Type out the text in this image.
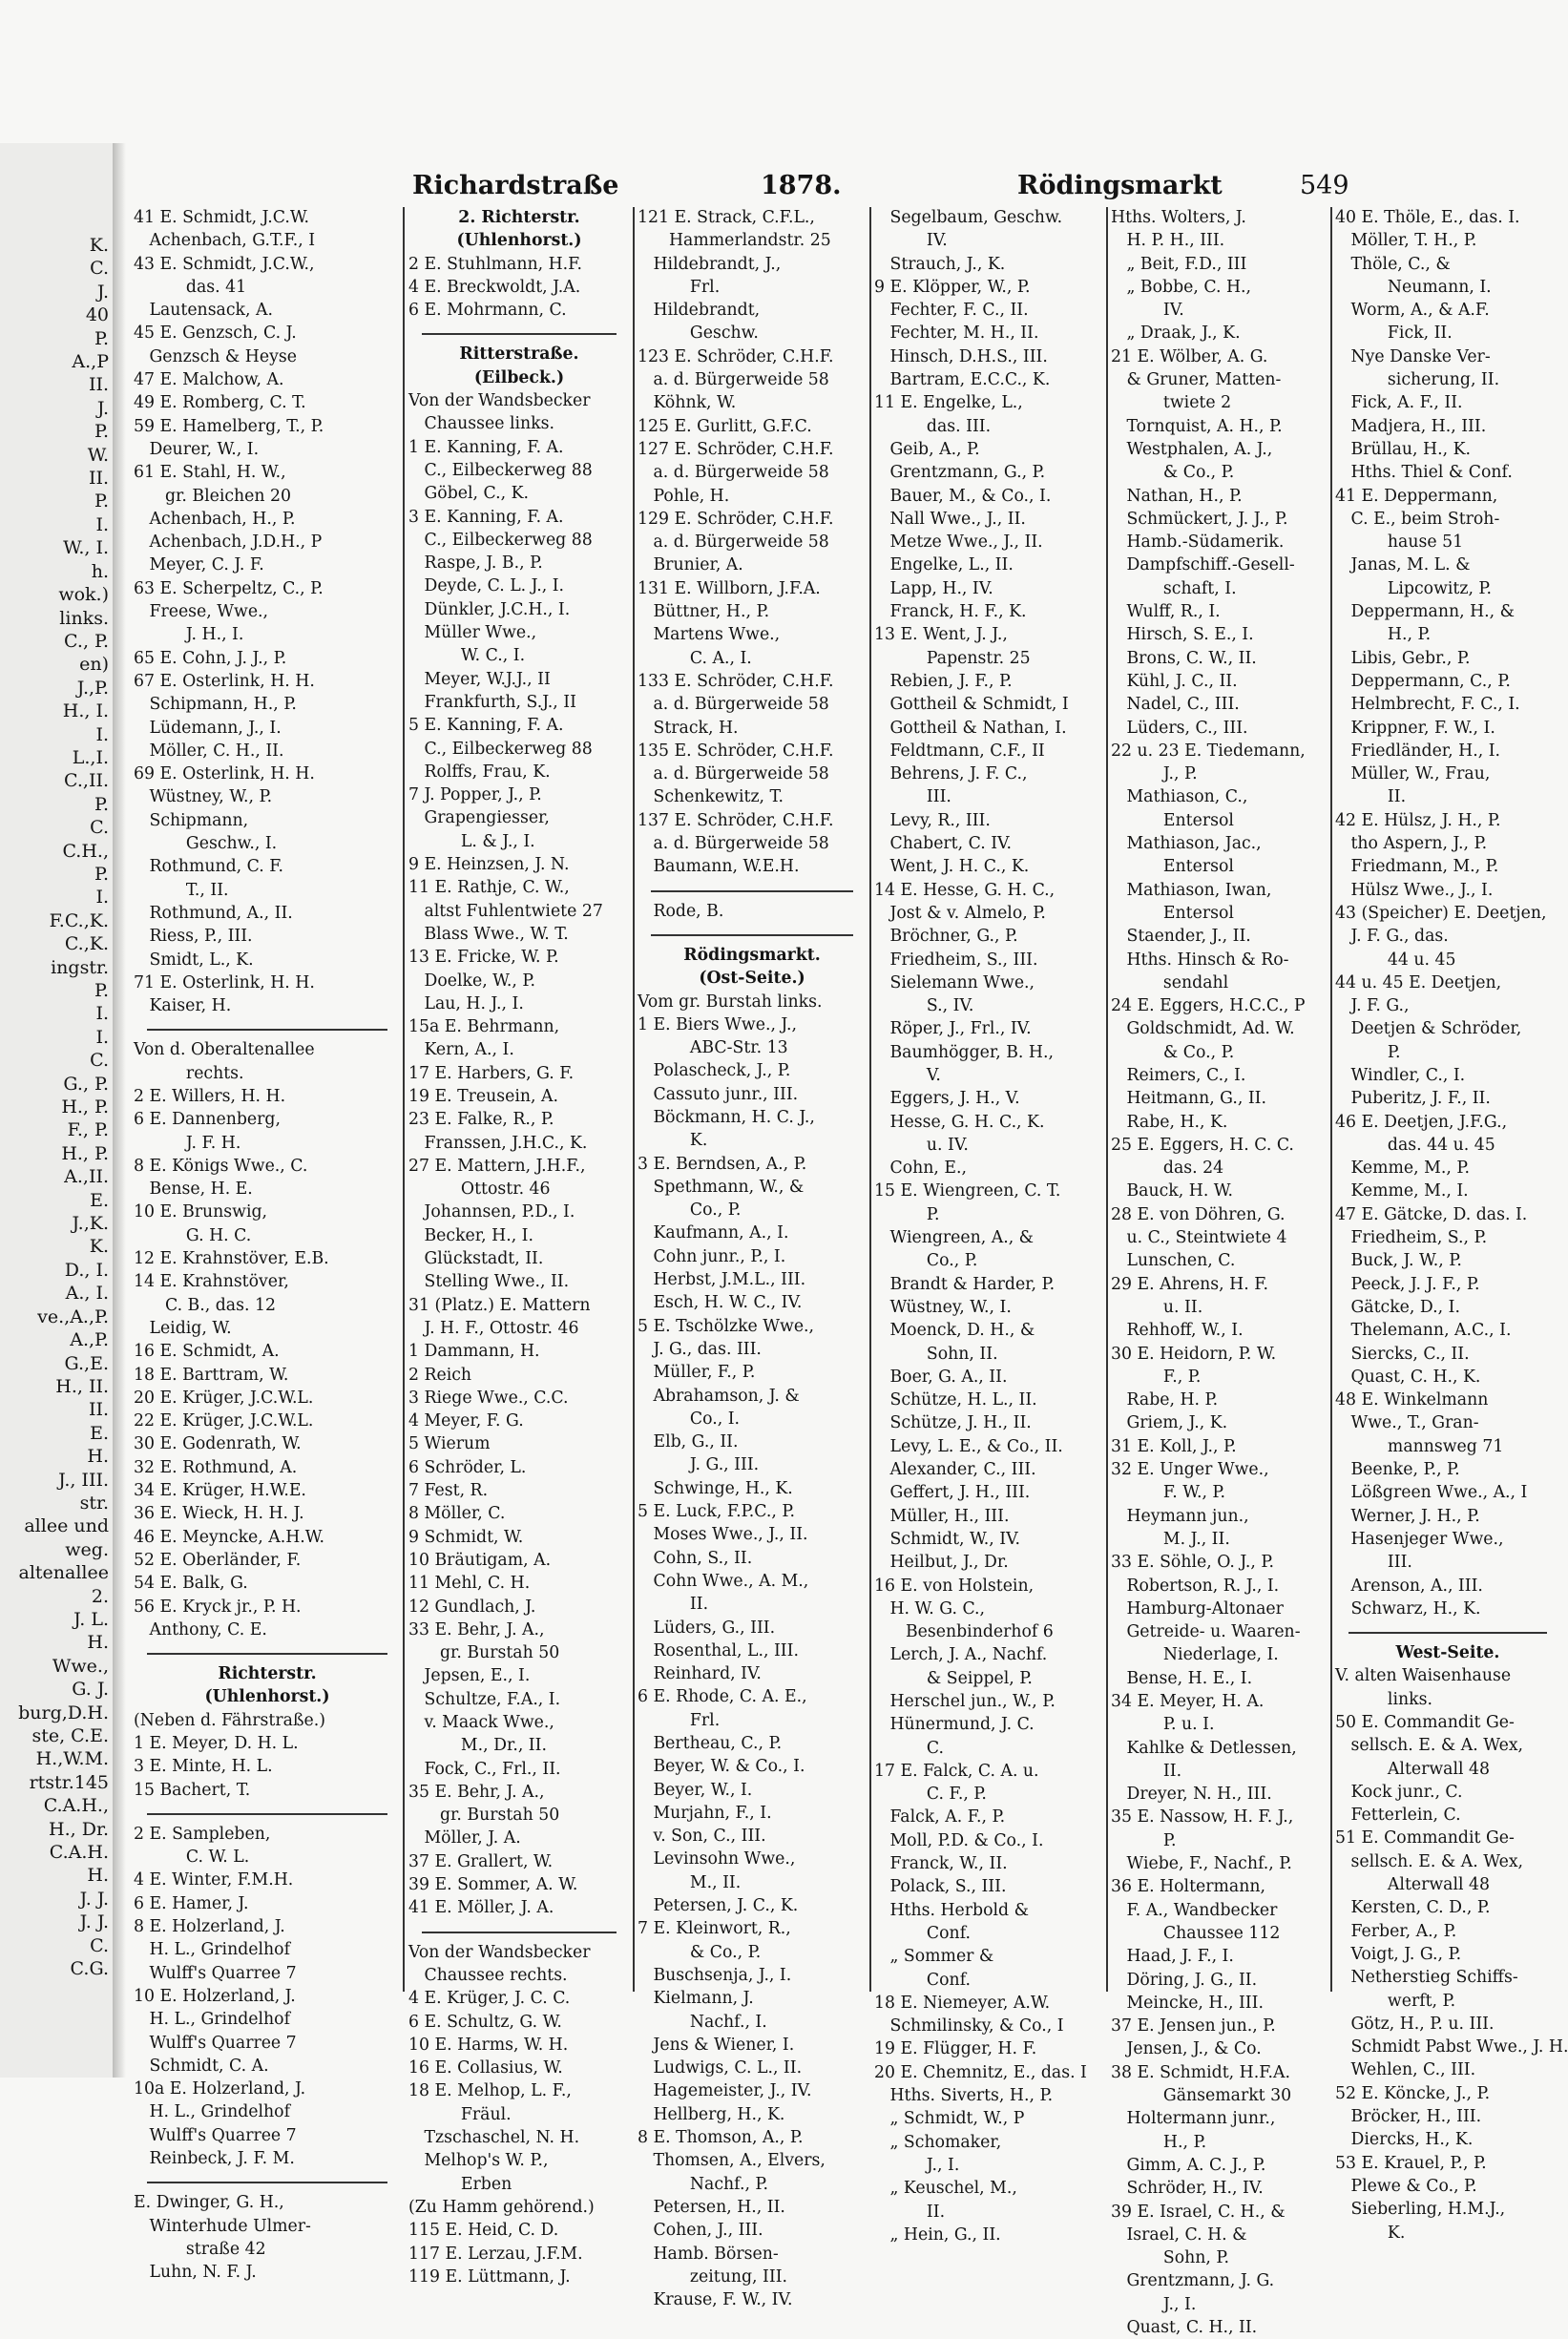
K.
C.
J.
40
P.
A.,P
II.
J.
P.
W.
II.
P.
I.
W., I.
h.
wok.)
links.
C., P.
en)
J.,P.
H., I.
I.
L.,I.
C.,II.
P.
C.
C.H.,
P.
I.
F.C.,K.
C.,K.
ingstr.
P.
I.
I.
C.
G., P.
H., P.
F., P.
H., P.
A.,II.
E.
J.,K.
K.
D., I.
A., I.
ve.,A.,P.
A.,P.
G.,E.
H., II.
II.
E.
H.
J., III.
str.
allee und
weg.
altenallee
2.
J. L.
H.
Wwe.,
G. J.
burg,D.H.
ste, C.E.
H.,W.M.
rtstr.145
C.A.H.,
H., Dr.
C.A.H.
H.
J. J.
J. J.
C.
C.G.
Richardstraße	1878.	Rödingsmarkt	549
41 E. Schmidt, J.C.W.
Achenbach, G.T.F., I
43 E. Schmidt, J.C.W.,
das. 41
Lautensack, A.
45 E. Genzsch, C. J.
Genzsch & Heyse
47 E. Malchow, A.
49 E. Romberg, C. T.
59 E. Hamelberg, T., P.
Deurer, W., I.
61 E. Stahl, H. W.,
gr. Bleichen 20
Achenbach, H., P.
Achenbach, J.D.H., P
Meyer, C. J. F.
63 E. Scherpeltz, C., P.
Freese, Wwe.,
J. H., I.
65 E. Cohn, J. J., P.
67 E. Osterlink, H. H.
Schipmann, H., P.
Lüdemann, J., I.
Möller, C. H., II.
69 E. Osterlink, H. H.
Wüstney, W., P.
Schipmann,
Geschw., I.
Rothmund, C. F.
T., II.
Rothmund, A., II.
Riess, P., III.
Smidt, L., K.
71 E. Osterlink, H. H.
Kaiser, H.
Von d. Oberaltenallee
rechts.
2 E. Willers, H. H.
6 E. Dannenberg,
J. F. H.
8 E. Königs Wwe., C.
Bense, H. E.
10 E. Brunswig,
G. H. C.
12 E. Krahnstöver, E.B.
14 E. Krahnstöver,
C. B., das. 12
Leidig, W.
16 E. Schmidt, A.
18 E. Barttram, W.
20 E. Krüger, J.C.W.L.
22 E. Krüger, J.C.W.L.
30 E. Godenrath, W.
32 E. Rothmund, A.
34 E. Krüger, H.W.E.
36 E. Wieck, H. H. J.
46 E. Meyncke, A.H.W.
52 E. Oberländer, F.
54 E. Balk, G.
56 E. Kryck jr., P. H.
Anthony, C. E.
Richterstr.
(Uhlenhorst.)
(Neben d. Fährstraße.)
1 E. Meyer, D. H. L.
3 E. Minte, H. L.
15 Bachert, T.
2 E. Sampleben,
C. W. L.
4 E. Winter, F.M.H.
6 E. Hamer, J.
8 E. Holzerland, J.
H. L., Grindelhof
Wulff's Quarree 7
10 E. Holzerland, J.
H. L., Grindelhof
Wulff's Quarree 7
Schmidt, C. A.
10a E. Holzerland, J.
H. L., Grindelhof
Wulff's Quarree 7
Reinbeck, J. F. M.
E. Dwinger, G. H.,
Winterhude Ulmer-
straße 42
Luhn, N. F. J.
2. Richterstr.
(Uhlenhorst.)
2 E. Stuhlmann, H.F.
4 E. Breckwoldt, J.A.
6 E. Mohrmann, C.
Ritterstraße.
(Eilbeck.)
Von der Wandsbecker
Chaussee links.
1 E. Kanning, F. A.
C., Eilbeckerweg 88
Göbel, C., K.
3 E. Kanning, F. A.
C., Eilbeckerweg 88
Raspe, J. B., P.
Deyde, C. L. J., I.
Dünkler, J.C.H., I.
Müller Wwe.,
W. C., I.
Meyer, W.J.J., II
Frankfurth, S.J., II
5 E. Kanning, F. A.
C., Eilbeckerweg 88
Rolffs, Frau, K.
7 J. Popper, J., P.
Grapengiesser,
L. & J., I.
9 E. Heinzsen, J. N.
11 E. Rathje, C. W.,
altst Fuhlentwiete 27
Blass Wwe., W. T.
13 E. Fricke, W. P.
Doelke, W., P.
Lau, H. J., I.
15a E. Behrmann,
Kern, A., I.
17 E. Harbers, G. F.
19 E. Treusein, A.
23 E. Falke, R., P.
Franssen, J.H.C., K.
27 E. Mattern, J.H.F.,
Ottostr. 46
Johannsen, P.D., I.
Becker, H., I.
Glückstadt, II.
Stelling Wwe., II.
31 (Platz.) E. Mattern
J. H. F., Ottostr. 46
1 Dammann, H.
2 Reich
3 Riege Wwe., C.C.
4 Meyer, F. G.
5 Wierum
6 Schröder, L.
7 Fest, R.
8 Möller, C.
9 Schmidt, W.
10 Bräutigam, A.
11 Mehl, C. H.
12 Gundlach, J.
33 E. Behr, J. A.,
gr. Burstah 50
Jepsen, E., I.
Schultze, F.A., I.
v. Maack Wwe.,
M., Dr., II.
Fock, C., Frl., II.
35 E. Behr, J. A.,
gr. Burstah 50
Möller, J. A.
37 E. Grallert, W.
39 E. Sommer, A. W.
41 E. Möller, J. A.
Von der Wandsbecker
Chaussee rechts.
4 E. Krüger, J. C. C.
6 E. Schultz, G. W.
10 E. Harms, W. H.
16 E. Collasius, W.
18 E. Melhop, L. F.,
Fräul.
Tzschaschel, N. H.
Melhop's W. P.,
Erben
(Zu Hamm gehörend.)
115 E. Heid, C. D.
117 E. Lerzau, J.F.M.
119 E. Lüttmann, J.
121 E. Strack, C.F.L.,
Hammerlandstr. 25
Hildebrandt, J.,
Frl.
Hildebrandt,
Geschw.
123 E. Schröder, C.H.F.
a. d. Bürgerweide 58
Köhnk, W.
125 E. Gurlitt, G.F.C.
127 E. Schröder, C.H.F.
a. d. Bürgerweide 58
Pohle, H.
129 E. Schröder, C.H.F.
a. d. Bürgerweide 58
Brunier, A.
131 E. Willborn, J.F.A.
Büttner, H., P.
Martens Wwe.,
C. A., I.
133 E. Schröder, C.H.F.
a. d. Bürgerweide 58
Strack, H.
135 E. Schröder, C.H.F.
a. d. Bürgerweide 58
Schenkewitz, T.
137 E. Schröder, C.H.F.
a. d. Bürgerweide 58
Baumann, W.E.H.
Rode, B.
Rödingsmarkt.
(Ost-Seite.)
Vom gr. Burstah links.
1 E. Biers Wwe., J.,
ABC-Str. 13
Polascheck, J., P.
Cassuto junr., III.
Böckmann, H. C. J.,
K.
3 E. Berndsen, A., P.
Spethmann, W., &
Co., P.
Kaufmann, A., I.
Cohn junr., P., I.
Herbst, J.M.L., III.
Esch, H. W. C., IV.
5 E. Tschölzke Wwe.,
J. G., das. III.
Müller, F., P.
Abrahamson, J. &
Co., I.
Elb, G., II.
J. G., III.
Schwinge, H., K.
5 E. Luck, F.P.C., P.
Moses Wwe., J., II.
Cohn, S., II.
Cohn Wwe., A. M.,
II.
Lüders, G., III.
Rosenthal, L., III.
Reinhard, IV.
6 E. Rhode, C. A. E.,
Frl.
Bertheau, C., P.
Beyer, W. & Co., I.
Beyer, W., I.
Murjahn, F., I.
v. Son, C., III.
Levinsohn Wwe.,
M., II.
Petersen, J. C., K.
7 E. Kleinwort, R.,
& Co., P.
Buschsenja, J., I.
Kielmann, J.
Nachf., I.
Jens & Wiener, I.
Ludwigs, C. L., II.
Hagemeister, J., IV.
Hellberg, H., K.
8 E. Thomson, A., P.
Thomsen, A., Elvers,
Nachf., P.
Petersen, H., II.
Cohen, J., III.
Hamb. Börsen-
zeitung, III.
Krause, F. W., IV.
Segelbaum, Geschw.
IV.
Strauch, J., K.
9 E. Klöpper, W., P.
Fechter, F. C., II.
Fechter, M. H., II.
Hinsch, D.H.S., III.
Bartram, E.C.C., K.
11 E. Engelke, L.,
das. III.
Geib, A., P.
Grentzmann, G., P.
Bauer, M., & Co., I.
Nall Wwe., J., II.
Metze Wwe., J., II.
Engelke, L., II.
Lapp, H., IV.
Franck, H. F., K.
13 E. Went, J. J.,
Papenstr. 25
Rebien, J. F., P.
Gottheil & Schmidt, I
Gottheil & Nathan, I.
Feldtmann, C.F., II
Behrens, J. F. C.,
III.
Levy, R., III.
Chabert, C. IV.
Went, J. H. C., K.
14 E. Hesse, G. H. C.,
Jost & v. Almelo, P.
Bröchner, G., P.
Friedheim, S., III.
Sielemann Wwe.,
S., IV.
Röper, J., Frl., IV.
Baumhögger, B. H.,
V.
Eggers, J. H., V.
Hesse, G. H. C., K.
u. IV.
Cohn, E.,
15 E. Wiengreen, C. T.
P.
Wiengreen, A., &
Co., P.
Brandt & Harder, P.
Wüstney, W., I.
Moenck, D. H., &
Sohn, II.
Boer, G. A., II.
Schütze, H. L., II.
Schütze, J. H., II.
Levy, L. E., & Co., II.
Alexander, C., III.
Geffert, J. H., III.
Müller, H., III.
Schmidt, W., IV.
Heilbut, J., Dr.
16 E. von Holstein,
H. W. G. C.,
Besenbinderhof 6
Lerch, J. A., Nachf.
& Seippel, P.
Herschel jun., W., P.
Hünermund, J. C.
C.
17 E. Falck, C. A. u.
C. F., P.
Falck, A. F., P.
Moll, P.D. & Co., I.
Franck, W., II.
Polack, S., III.
Hths. Herbold &
Conf.
„ Sommer &
Conf.
18 E. Niemeyer, A.W.
Schmilinsky, & Co., I
19 E. Flügger, H. F.
20 E. Chemnitz, E., das. I
Hths. Siverts, H., P.
„ Schmidt, W., P
„ Schomaker,
J., I.
„ Keuschel, M.,
II.
„ Hein, G., II.
Hths. Wolters, J.
H. P. H., III.
„ Beit, F.D., III
„ Bobbe, C. H.,
IV.
„ Draak, J., K.
21 E. Wölber, A. G.
& Gruner, Matten-
twiete 2
Tornquist, A. H., P.
Westphalen, A. J.,
& Co., P.
Nathan, H., P.
Schmückert, J. J., P.
Hamb.-Südamerik.
Dampfschiff.-Gesell-
schaft, I.
Wulff, R., I.
Hirsch, S. E., I.
Brons, C. W., II.
Kühl, J. C., II.
Nadel, C., III.
Lüders, C., III.
22 u. 23 E. Tiedemann,
J., P.
Mathiason, C.,
Entersol
Mathiason, Jac.,
Entersol
Mathiason, Iwan,
Entersol
Staender, J., II.
Hths. Hinsch & Ro-
sendahl
24 E. Eggers, H.C.C., P
Goldschmidt, Ad. W.
& Co., P.
Reimers, C., I.
Heitmann, G., II.
Rabe, H., K.
25 E. Eggers, H. C. C.
das. 24
Bauck, H. W.
28 E. von Döhren, G.
u. C., Steintwiete 4
Lunschen, C.
29 E. Ahrens, H. F.
u. II.
Rehhoff, W., I.
30 E. Heidorn, P. W.
F., P.
Rabe, H. P.
Griem, J., K.
31 E. Koll, J., P.
32 E. Unger Wwe.,
F. W., P.
Heymann jun.,
M. J., II.
33 E. Söhle, O. J., P.
Robertson, R. J., I.
Hamburg-Altonaer
Getreide- u. Waaren-
Niederlage, I.
Bense, H. E., I.
34 E. Meyer, H. A.
P. u. I.
Kahlke & Detlessen,
II.
Dreyer, N. H., III.
35 E. Nassow, H. F. J.,
P.
Wiebe, F., Nachf., P.
36 E. Holtermann,
F. A., Wandbecker
Chaussee 112
Haad, J. F., I.
Döring, J. G., II.
Meincke, H., III.
37 E. Jensen jun., P.
Jensen, J., & Co.
38 E. Schmidt, H.F.A.
Gänsemarkt 30
Holtermann junr.,
H., P.
Gimm, A. C. J., P.
Schröder, H., IV.
39 E. Israel, C. H., &
Israel, C. H. &
Sohn, P.
Grentzmann, J. G.
J., I.
Quast, C. H., II.
40 E. Thöle, E., das. I.
Möller, T. H., P.
Thöle, C., &
Neumann, I.
Worm, A., & A.F.
Fick, II.
Nye Danske Ver-
sicherung, II.
Fick, A. F., II.
Madjera, H., III.
Brüllau, H., K.
Hths. Thiel & Conf.
41 E. Deppermann,
C. E., beim Stroh-
hause 51
Janas, M. L. &
Lipcowitz, P.
Deppermann, H., &
H., P.
Libis, Gebr., P.
Deppermann, C., P.
Helmbrecht, F. C., I.
Krippner, F. W., I.
Friedländer, H., I.
Müller, W., Frau,
II.
42 E. Hülsz, J. H., P.
tho Aspern, J., P.
Friedmann, M., P.
Hülsz Wwe., J., I.
43 (Speicher) E. Deetjen,
J. F. G., das.
44 u. 45
44 u. 45 E. Deetjen,
J. F. G.,
Deetjen & Schröder,
P.
Windler, C., I.
Puberitz, J. F., II.
46 E. Deetjen, J.F.G.,
das. 44 u. 45
Kemme, M., P.
Kemme, M., I.
47 E. Gätcke, D. das. I.
Friedheim, S., P.
Buck, J. W., P.
Peeck, J. J. F., P.
Gätcke, D., I.
Thelemann, A.C., I.
Siercks, C., II.
Quast, C. H., K.
48 E. Winkelmann
Wwe., T., Gran-
mannsweg 71
Beenke, P., P.
Lößgreen Wwe., A., I
Werner, J. H., P.
Hasenjeger Wwe.,
III.
Arenson, A., III.
Schwarz, H., K.
West-Seite.
V. alten Waisenhause
links.
50 E. Commandit Ge-
sellsch. E. & A. Wex,
Alterwall 48
Kock junr., C.
Fetterlein, C.
51 E. Commandit Ge-
sellsch. E. & A. Wex,
Alterwall 48
Kersten, C. D., P.
Ferber, A., P.
Voigt, J. G., P.
Netherstieg Schiffs-
werft, P.
Götz, H., P. u. III.
Schmidt Pabst Wwe., J. H.
Wehlen, C., III.
52 E. Köncke, J., P.
Bröcker, H., III.
Diercks, H., K.
53 E. Krauel, P., P.
Plewe & Co., P.
Sieberling, H.M.J.,
K.
